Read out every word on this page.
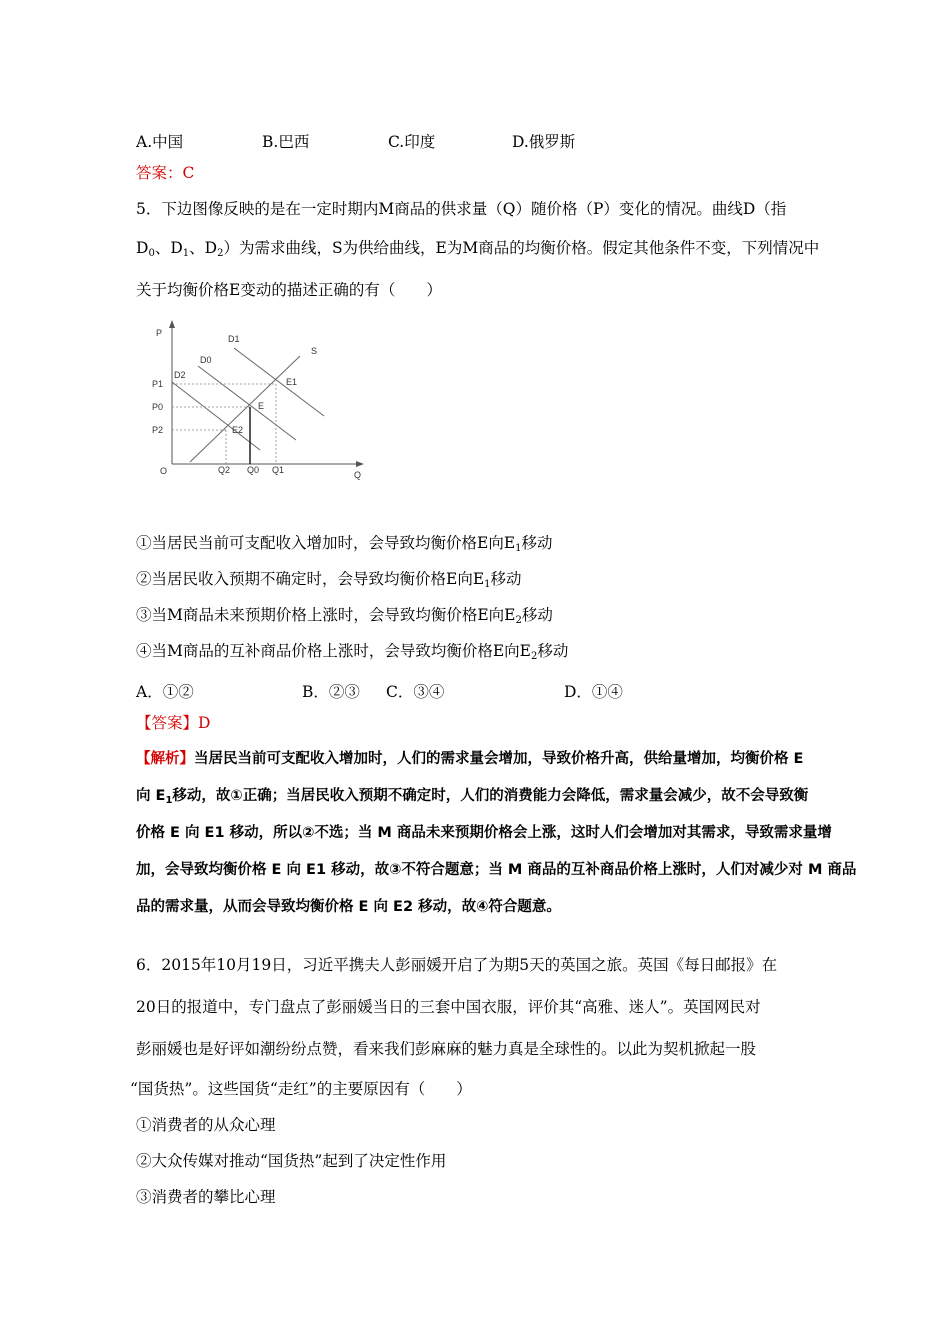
A.中国	B.巴西	C.印度	D.俄罗斯
答案：C
5．下边图像反映的是在一定时期内M商品的供求量（Q）随价格（P）变化的情况。曲线D（指
$D_0$、$D_1$、$D_2$）为需求曲线，S为供给曲线，E为M商品的均衡价格。假定其他条件不变，下列情况中
关于均衡价格E变动的描述正确的有（　　）
P
Q
O
P1
P0
P2
Q2 Q0 Q1
D2
D0
D1
S
E
E1
E2
①当居民当前可支配收入增加时，会导致均衡价格E向$E_1$移动
②当居民收入预期不确定时，会导致均衡价格E向$E_1$移动
③当M商品未来预期价格上涨时，会导致均衡价格E向$E_2$移动
④当M商品的互补商品价格上涨时，会导致均衡价格E向$E_2$移动
A．①②	B．②③ C．③④	D．①④
【答案】D
【解析】当居民当前可支配收入增加时，人们的需求量会增加，导致价格升高，供给量增加，均衡价格 E
向 $E_1$移动，故①正确；当居民收入预期不确定时，人们的消费能力会降低，需求量会减少，故不会导致衡
价格 E 向 E1 移动，所以②不选；当 M 商品未来预期价格会上涨，这时人们会增加对其需求，导致需求量增
加，会导致均衡价格 E 向 E1 移动，故③不符合题意；当 M 商品的互补商品价格上涨时，人们对减少对 M 商品
品的需求量，从而会导致均衡价格 E 向 E2 移动，故④符合题意。
6．2015年10月19日，习近平携夫人彭丽媛开启了为期5天的英国之旅。英国《每日邮报》在
20日的报道中，专门盘点了彭丽媛当日的三套中国衣服，评价其“高雅、迷人”。英国网民对
彭丽媛也是好评如潮纷纷点赞，看来我们彭麻麻的魅力真是全球性的。以此为契机掀起一股
“国货热”。这些国货“走红”的主要原因有（　　）
①消费者的从众心理
②大众传媒对推动“国货热”起到了决定性作用
③消费者的攀比心理
